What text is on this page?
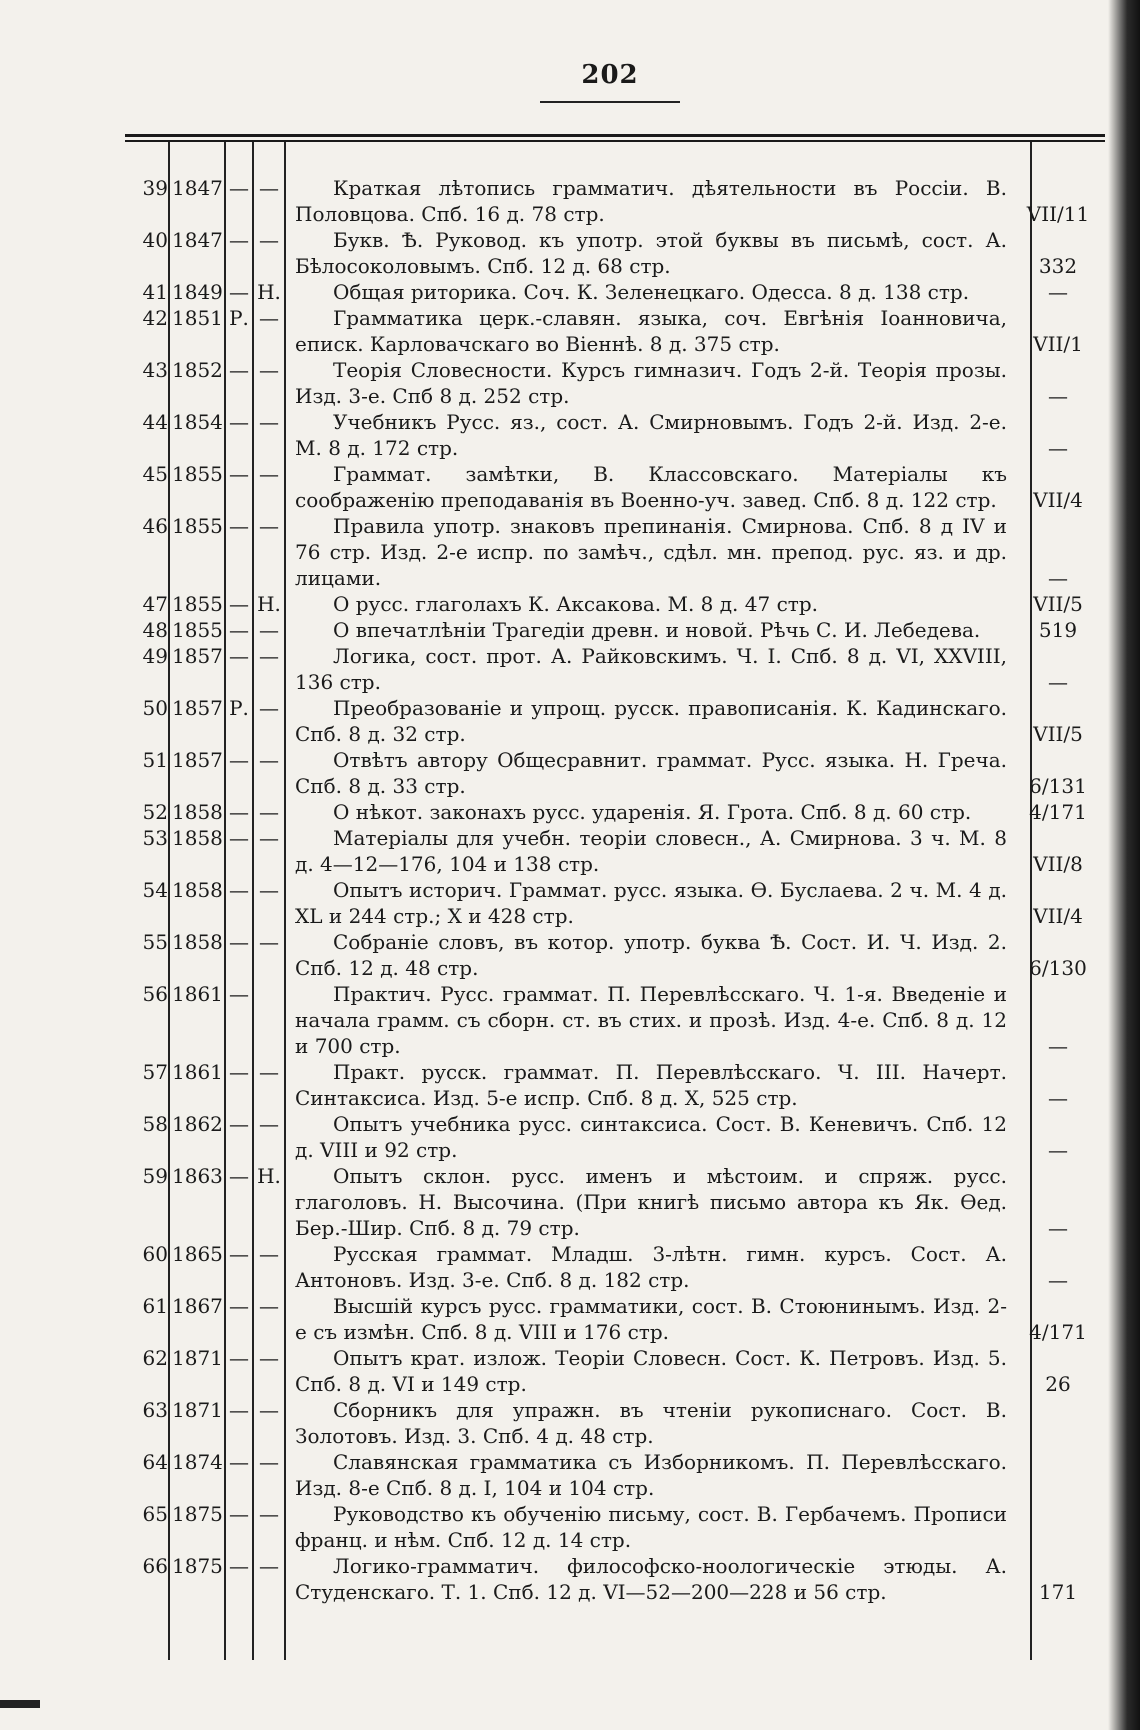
202
39 1847 — —	Краткая лѣтопись грамматич. дѣятельности въ Россіи. В. Половцова. Спб. 16 д. 78 стр.	VII/11
40 1847 — —	Букв. Ѣ. Руковод. къ употр. этой буквы въ письмѣ, сост. А. Бѣлосоколовымъ. Спб. 12 д. 68 стр.	332
41 1849 — Н.	Общая риторика. Соч. К. Зеленецкаго. Одесса. 8 д. 138 стр.	—
42 1851 Р. —	Грамматика церк.-славян. языка, соч. Евгѣнія Іоанновича, епиcк. Карловачскаго во Віеннѣ. 8 д. 375 стр.	VII/1
43 1852 — —	Теорія Словесности. Курсъ гимназич. Годъ 2-й. Теорія прозы. Изд. 3-е. Спб 8 д. 252 стр.	—
44 1854 — —	Учебникъ Русс. яз., сост. А. Смирновымъ. Годъ 2-й. Изд. 2-е. М. 8 д. 172 стр.	—
45 1855 — —	Граммат. замѣтки, В. Классовскаго. Матеріалы къ соображенію преподаванія въ Военно-уч. завед. Спб. 8 д. 122 стр.	VII/4
46 1855 — —	Правила употр. знаковъ препинанія. Смирнова. Спб. 8 д IV и 76 стр. Изд. 2-е испр. по замѣч., сдѣл. мн. препод. рус. яз. и др. лицами.	—
47 1855 — Н.	О русс. глаголахъ К. Аксакова. М. 8 д. 47 стр.	VII/5
48 1855 — —	О впечатлѣніи Трагедіи древн. и новой. Рѣчь С. И. Лебедева.	519
49 1857 — —	Логика, сост. прот. А. Райковскимъ. Ч. I. Спб. 8 д. VI, XXVIII, 136 стр.	—
50 1857 Р. —	Преобразованіе и упрощ. русск. правописанія. К. Кадинскаго. Спб. 8 д. 32 стр.	VII/5
51 1857 — —	Отвѣтъ автору Общесравнит. граммат. Русс. языка. Н. Греча. Спб. 8 д. 33 стр.	6/131
52 1858 — —	О нѣкот. законахъ русс. ударенія. Я. Грота. Спб. 8 д. 60 стр.	4/171
53 1858 — —	Матеріалы для учебн. теоріи словесн., А. Смирнова. 3 ч. М. 8 д. 4—12—176, 104 и 138 стр.	VII/8
54 1858 — —	Опытъ историч. Граммат. русс. языка. Ѳ. Буслаева. 2 ч. М. 4 д. XL и 244 стр.; X и 428 стр.	VII/4
55 1858 — —	Собраніе словъ, въ котор. употр. буква Ѣ. Сост. И. Ч. Изд. 2. Спб. 12 д. 48 стр.	6/130
56 1861 —	Практич. Русс. граммат. П. Перевлѣсскаго. Ч. 1-я. Введеніе и начала грамм. съ сборн. ст. въ стих. и прозѣ. Изд. 4-е. Спб. 8 д. 12 и 700 стр.	—
57 1861 — —	Практ. русск. граммат. П. Перевлѣсскаго. Ч. III. Начерт. Синтаксиса. Изд. 5-е испр. Спб. 8 д. X, 525 стр.	—
58 1862 — —	Опытъ учебника русс. синтаксиса. Сост. В. Кеневичъ. Спб. 12 д. VIII и 92 стр.	—
59 1863 — Н.	Опытъ склон. русс. именъ и мѣстоим. и спряж. русс. глаголовъ. Н. Высочина. (При книгѣ письмо автора къ Як. Ѳед. Бер.-Шир. Спб. 8 д. 79 стр.	—
60 1865 — —	Русская граммат. Младш. 3-лѣтн. гимн. курсъ. Сост. А. Антоновъ. Изд. 3-е. Спб. 8 д. 182 стр.	—
61 1867 — —	Высшій курсъ русс. грамматики, сост. В. Стоюнинымъ. Изд. 2-е съ измѣн. Спб. 8 д. VIII и 176 стр.	4/171
62 1871 — —	Опытъ крат. излож. Теоріи Словесн. Сост. К. Петровъ. Изд. 5. Спб. 8 д. VI и 149 стр.	26
63 1871 — —	Сборникъ для упражн. въ чтеніи рукописнаго. Сост. В. Золотовъ. Изд. 3. Спб. 4 д. 48 стр.
64 1874 — —	Славянская грамматика съ Изборникомъ. П. Перевлѣсскаго. Изд. 8-е Спб. 8 д. I, 104 и 104 стр.
65 1875 — —	Руководство къ обученію письму, сост. В. Гербачемъ. Прописи франц. и нѣм. Спб. 12 д. 14 стр.
66 1875 — —	Логико-грамматич. философско-ноологическіе этюды. А. Студенскаго. Т. 1. Спб. 12 д. VI—52—200—228 и 56 стр.	171
